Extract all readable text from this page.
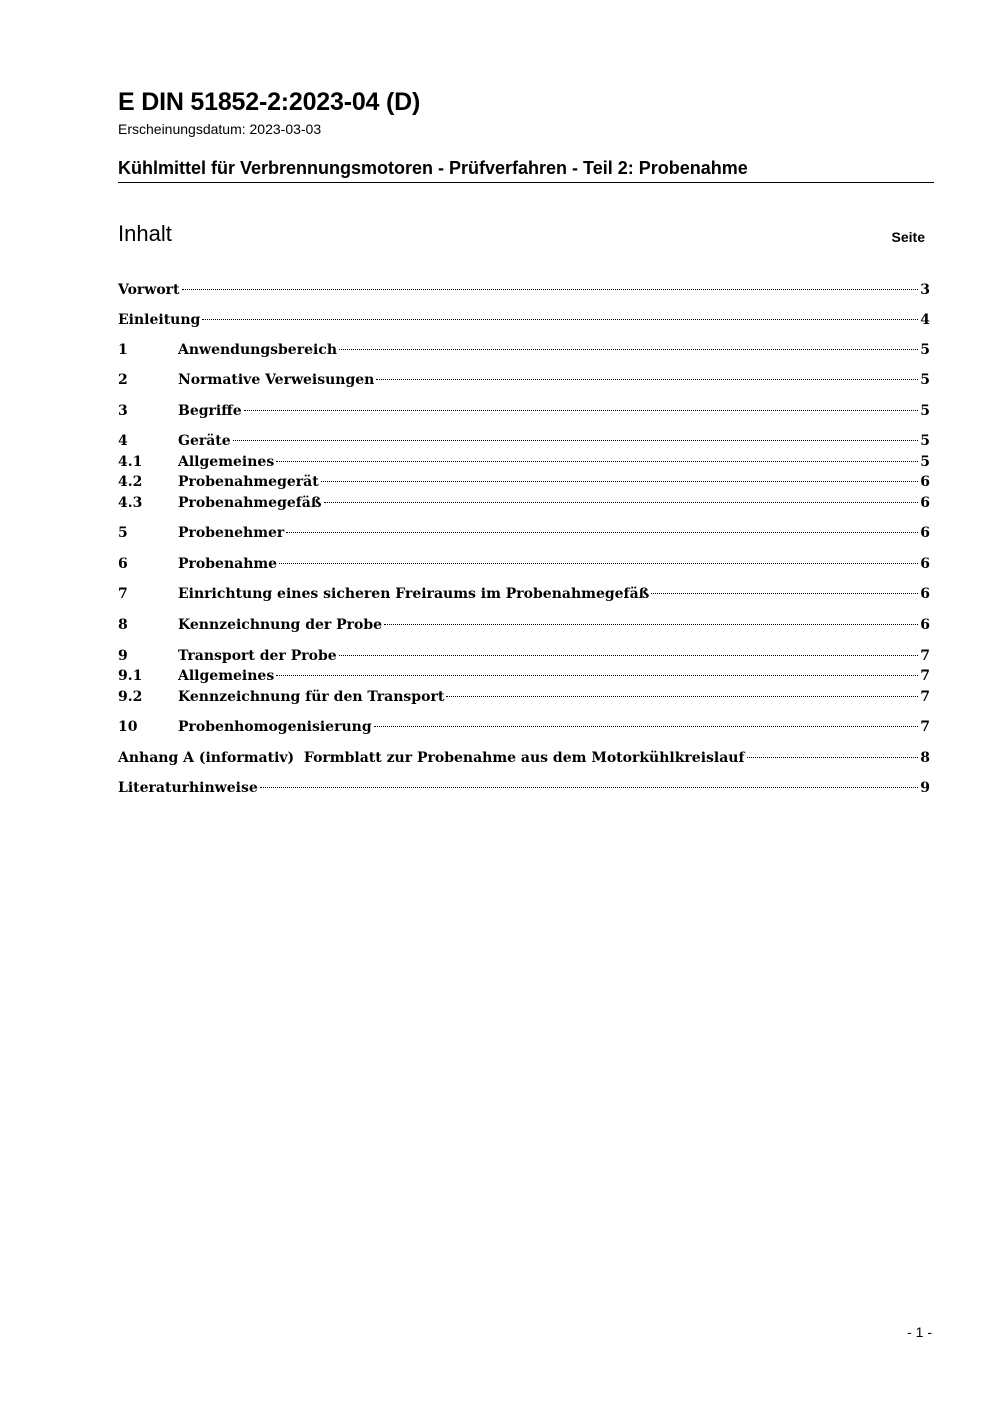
E DIN 51852-2:2023-04 (D)
Erscheinungsdatum: 2023-03-03
Kühlmittel für Verbrennungsmotoren - Prüfverfahren - Teil 2: Probenahme
Inhalt	Seite
Vorwort	3
Einleitung	4
1	Anwendungsbereich	5
2	Normative Verweisungen	5
3	Begriffe	5
4	Geräte	5
4.1	Allgemeines	5
4.2	Probenahmegerät	6
4.3	Probenahmegefäß	6
5	Probenehmer	6
6	Probenahme	6
7	Einrichtung eines sicheren Freiraums im Probenahmegefäß	6
8	Kennzeichnung der Probe	6
9	Transport der Probe	7
9.1	Allgemeines	7
9.2	Kennzeichnung für den Transport	7
10	Probenhomogenisierung	7
Anhang A (informativ)  Formblatt zur Probenahme aus dem Motorkühlkreislauf	8
Literaturhinweise	9
- 1 -
